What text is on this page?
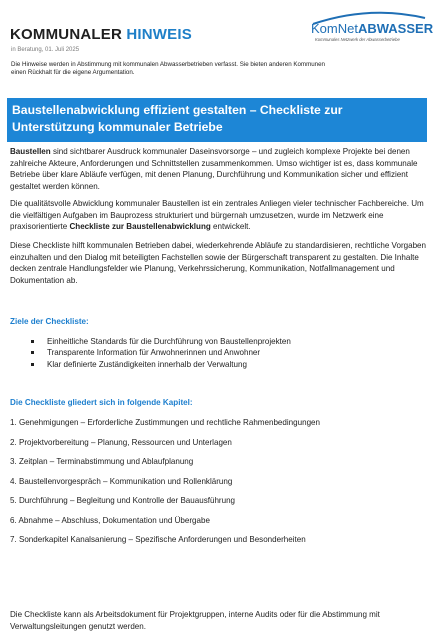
KOMMUNALER HINWEIS
in Beratung, 01. Juli 2025
Die Hinweise werden in Abstimmung mit kommunalen Abwasserbetrieben verfasst. Sie bieten anderen Kommunen einen Rückhalt für die eigene Argumentation.
KomNetABWASSER
Kommunales Netzwerk der Abwasserbetriebe
Baustellenabwicklung effizient gestalten – Checkliste zur Unterstützung kommunaler Betriebe
Baustellen sind sichtbarer Ausdruck kommunaler Daseinsvorsorge – und zugleich komplexe Projekte bei denen zahlreiche Akteure, Anforderungen und Schnittstellen zusammenkommen. Umso wichtiger ist es, dass kommunale Betriebe über klare Abläufe verfügen, mit denen Planung, Durchführung und Kommunikation sicher und effizient gestaltet werden können.
Die qualitätsvolle Abwicklung kommunaler Baustellen ist ein zentrales Anliegen vieler technischer Fachbereiche. Um die vielfältigen Aufgaben im Bauprozess strukturiert und bürgernah umzusetzen, wurde im Netzwerk eine praxisorientierte Checkliste zur Baustellenabwicklung entwickelt.
Diese Checkliste hilft kommunalen Betrieben dabei, wiederkehrende Abläufe zu standardisieren, rechtliche Vorgaben einzuhalten und den Dialog mit beteiligten Fachstellen sowie der Bürgerschaft transparent zu gestalten. Die Inhalte decken zentrale Handlungsfelder wie Planung, Verkehrssicherung, Kommunikation, Notfallmanagement und Dokumentation ab.
Ziele der Checkliste:
Einheitliche Standards für die Durchführung von Baustellenprojekten
Transparente Information für Anwohnerinnen und Anwohner
Klar definierte Zuständigkeiten innerhalb der Verwaltung
Die Checkliste gliedert sich in folgende Kapitel:
1. Genehmigungen – Erforderliche Zustimmungen und rechtliche Rahmenbedingungen
2. Projektvorbereitung – Planung, Ressourcen und Unterlagen
3. Zeitplan – Terminabstimmung und Ablaufplanung
4. Baustellenvorgespräch – Kommunikation und Rollenklärung
5. Durchführung – Begleitung und Kontrolle der Bauausführung
6. Abnahme – Abschluss, Dokumentation und Übergabe
7. Sonderkapitel Kanalsanierung – Spezifische Anforderungen und Besonderheiten
Die Checkliste kann als Arbeitsdokument für Projektgruppen, interne Audits oder für die Abstimmung mit Verwaltungsleitungen genutzt werden.
